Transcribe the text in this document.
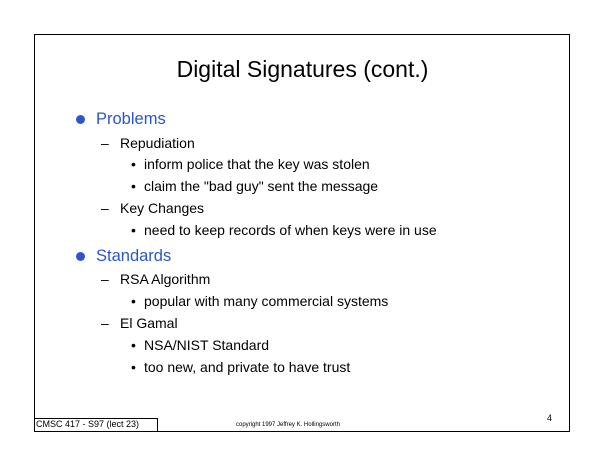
Digital Signatures (cont.)
Problems
– Repudiation
• inform police that the key was stolen
• claim the "bad guy" sent the message
– Key Changes
• need to keep records of when keys were in use
Standards
– RSA Algorithm
• popular with many commercial systems
– El Gamal
• NSA/NIST Standard
• too new, and private to have trust
CMSC 417 - S97 (lect 23)	copyright 1997 Jeffrey K. Hollingsworth
4
